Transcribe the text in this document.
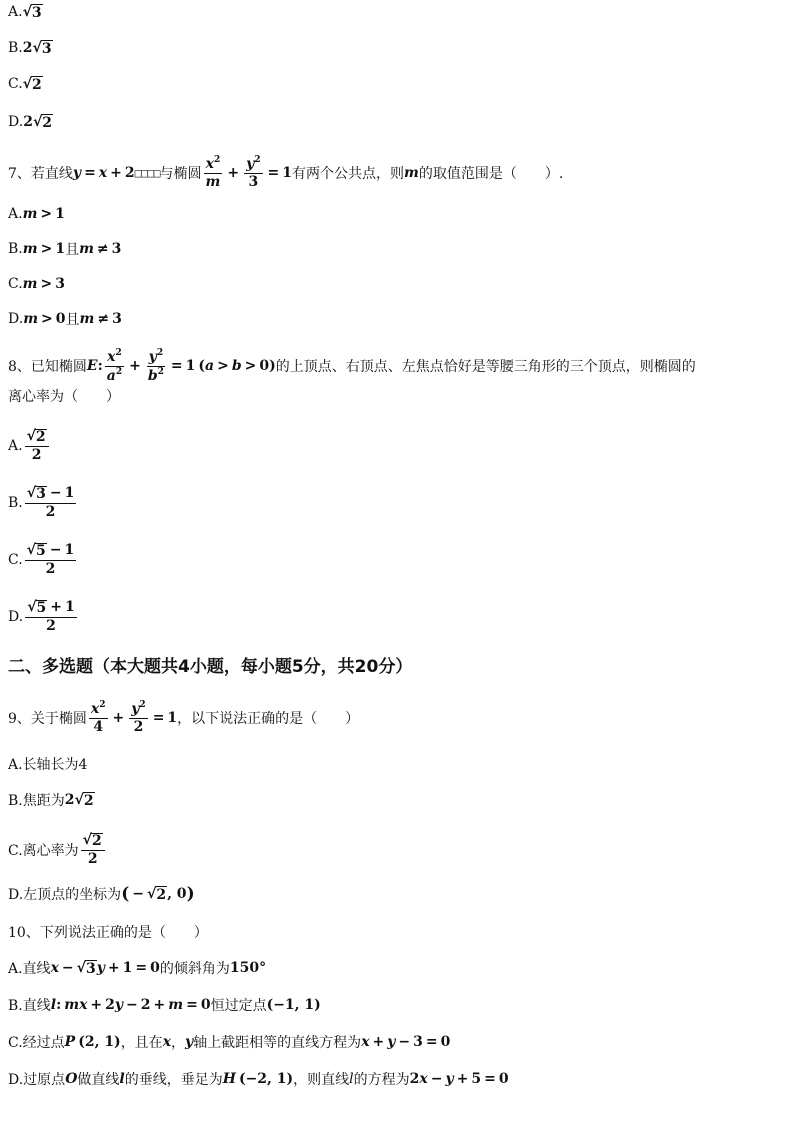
A. √ 3
B. 2 √ 3
C. √ 2
D. 2 √ 2
7、 若直线 y = x + 2 □□□□ 与椭圆 $\frac{x^2}{m} + \frac{y^2}{3} = 1$ 有两个公共点，则 m 的取值范围是（　　）.
A. m > 1
B. m > 1 且 m ≠ 3
C. m > 3
D. m > 0 且 m ≠ 3
8、 已知椭圆 E : $\frac{x^2}{a^2} + \frac{y^2}{b^2} = 1$ ( a > b > 0 ) 的上顶点、右顶点、左焦点恰好是等腰三角形的三个顶点，则椭圆的
离心率为（　　）
A. $\frac{√ 2}{2}$
B. $\frac{√ 3 - 1}{2}$
C. $\frac{√ 5 - 1}{2}$
D. $\frac{√ 5 + 1}{2}$
二、多选题（本大题共4小题，每小题5分，共20分）
9、 关于椭圆 $\frac{x^2}{4} + \frac{y^2}{2} = 1$ ，以下说法正确的是（　　）
A.长轴长为4
B.焦距为 2 √ 2
C.离心率为 $\frac{√ 2}{2}$
D.左顶点的坐标为 ( − √ 2 , 0 )
10、 下列说法正确的是（　　）
A.直线 x − √ 3 y + 1 = 0 的倾斜角为 150°
B.直线 l : mx + 2 y − 2 + m = 0 恒过定点 (−1, 1)
C.经过点 P (2, 1) ，且在 x ， y 轴上截距相等的直线方程为 x + y − 3 = 0
D.过原点 O 做直线 l 的垂线，垂足为 H (−2, 1) ，则直线 l 的方程为 2 x − y + 5 = 0
